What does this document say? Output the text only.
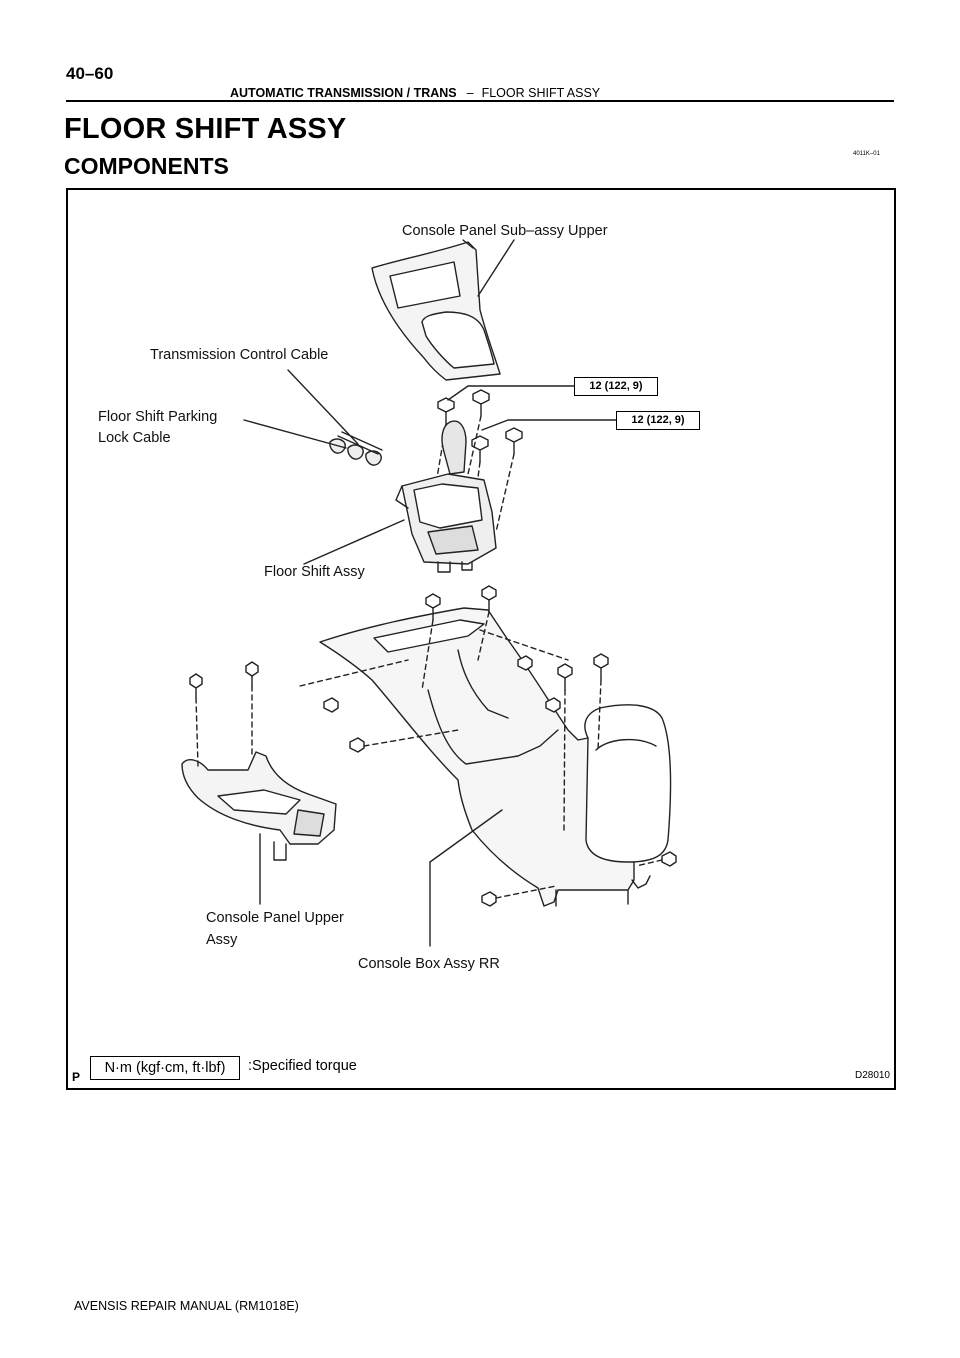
40–60
AUTOMATIC TRANSMISSION / TRANS – FLOOR SHIFT ASSY
FLOOR SHIFT ASSY
COMPONENTS	4011K–01
Console Panel Sub–assy Upper
Transmission Control Cable
Floor Shift Parking
Lock Cable
Floor Shift Assy
Console Panel Upper
Assy
Console Box Assy RR
12 (122, 9)
12 (122, 9)
N·m (kgf·cm, ft·lbf)	:Specified torque
P	D28010
AVENSIS REPAIR MANUAL (RM1018E)
